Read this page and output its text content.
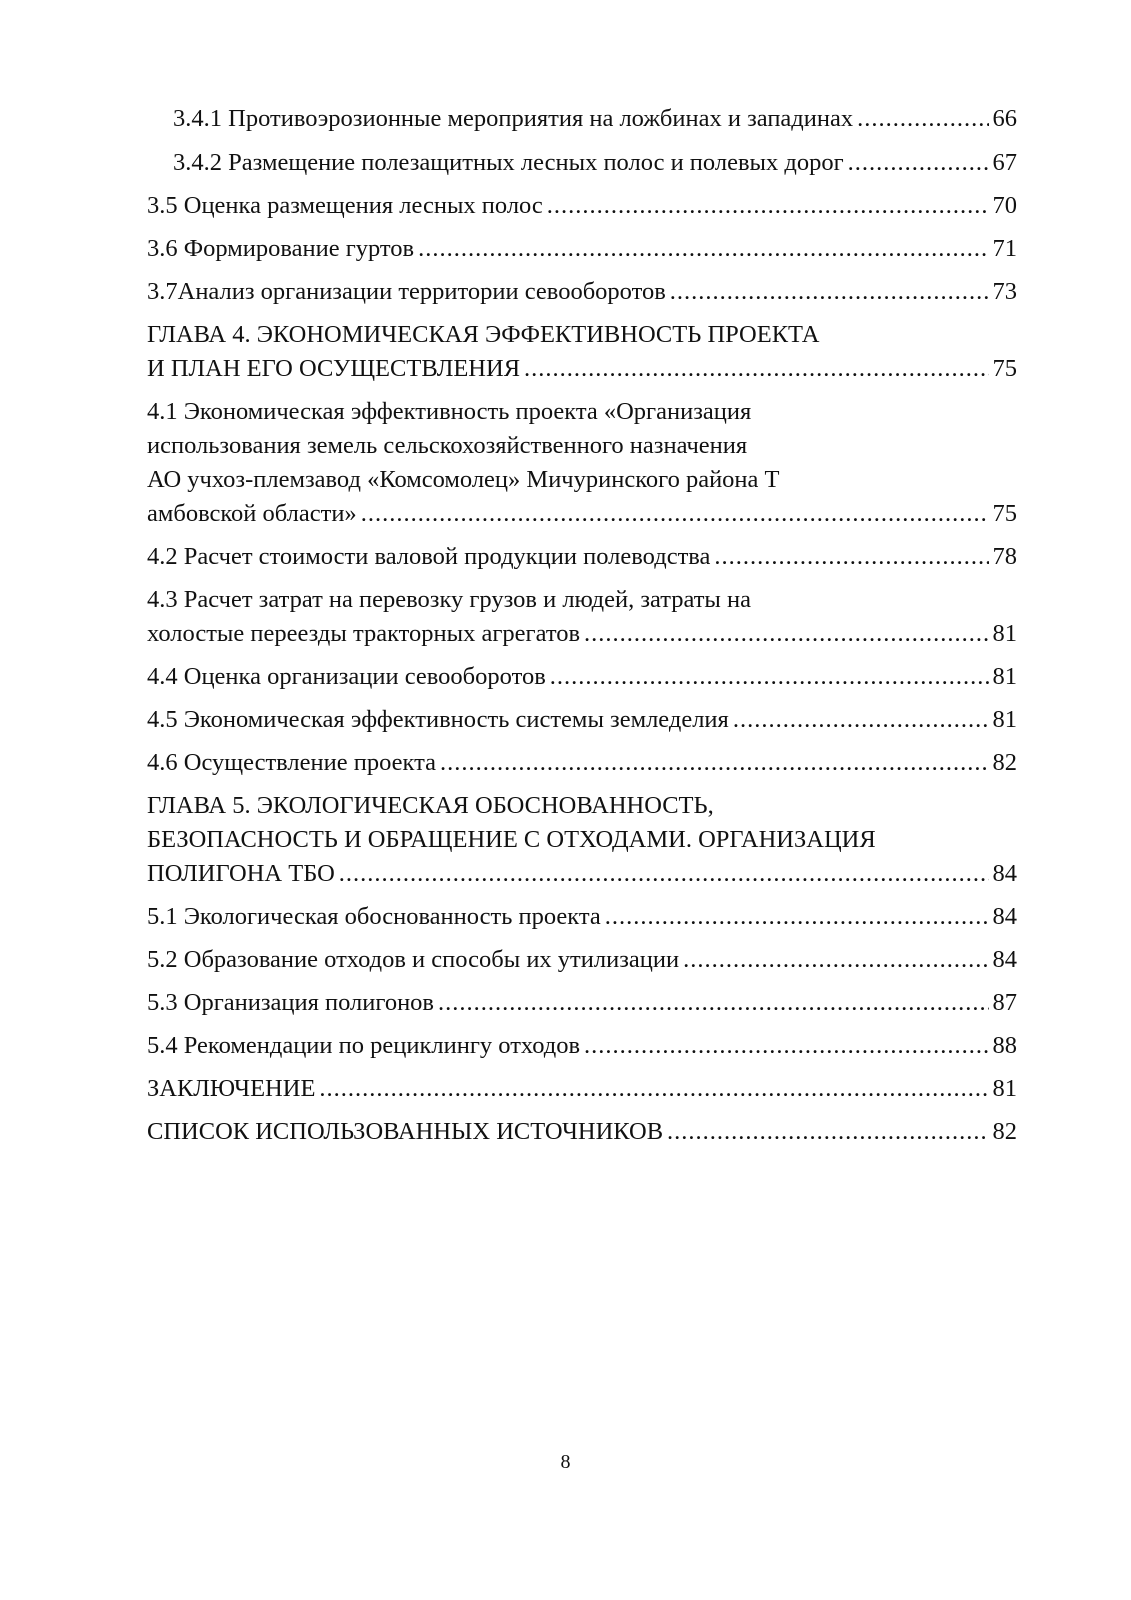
3.4.1 Противоэрозионные мероприятия на ложбинах и западинах .....	66
3.4.2 Размещение полезащитных лесных полос и полевых дорог .....	67
3.5 Оценка размещения лесных полос .....	70
3.6 Формирование гуртов .....	71
3.7Анализ организации территории севооборотов .....	73
ГЛАВА 4. ЭКОНОМИЧЕСКАЯ ЭФФЕКТИВНОСТЬ ПРОЕКТА
И ПЛАН ЕГО ОСУЩЕСТВЛЕНИЯ .....	75
4.1 Экономическая эффективность проекта «Организация
использования земель сельскохозяйственного назначения
АО учхоз-племзавод «Комсомолец» Мичуринского района Т
амбовской области» .....	75
4.2 Расчет стоимости валовой продукции полеводства .....	78
4.3 Расчет затрат на перевозку грузов и людей, затраты на
холостые переезды тракторных агрегатов .....	81
4.4 Оценка организации севооборотов .....	81
4.5 Экономическая эффективность системы земледелия .....	81
4.6 Осуществление проекта .....	82
ГЛАВА 5. ЭКОЛОГИЧЕСКАЯ ОБОСНОВАННОСТЬ,
БЕЗОПАСНОСТЬ И ОБРАЩЕНИЕ С ОТХОДАМИ. ОРГАНИЗАЦИЯ
ПОЛИГОНА ТБО .....	84
5.1 Экологическая обоснованность проекта .....	84
5.2 Образование отходов и способы их утилизации .....	84
5.3 Организация полигонов .....	87
5.4 Рекомендации по рециклингу отходов .....	88
ЗАКЛЮЧЕНИЕ .....	81
СПИСОК ИСПОЛЬЗОВАННЫХ ИСТОЧНИКОВ .....	82
8
